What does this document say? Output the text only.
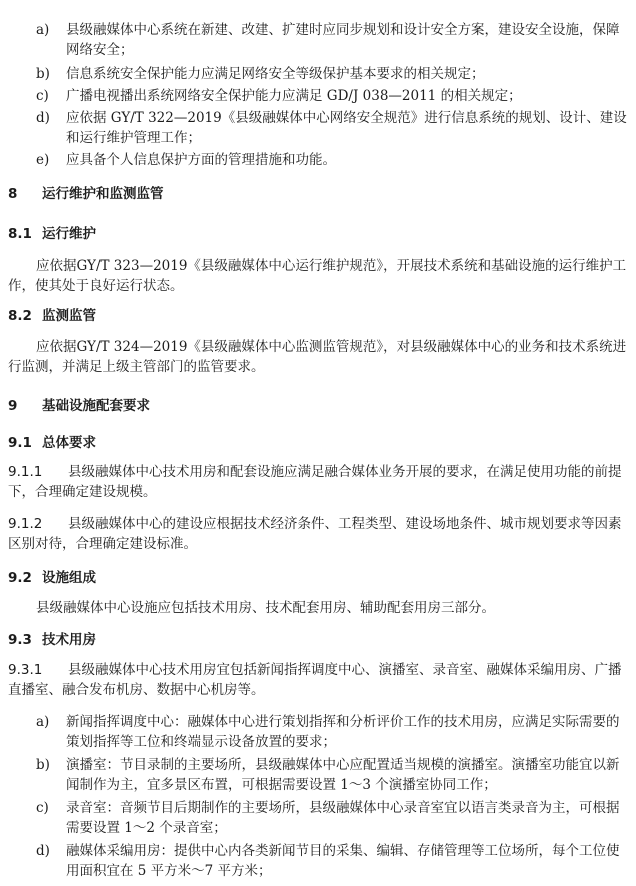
a)	县级融媒体中心系统在新建、改建、扩建时应同步规划和设计安全方案，建设安全设施，保障网络安全；
b)	信息系统安全保护能力应满足网络安全等级保护基本要求的相关规定；
c)	广播电视播出系统网络安全保护能力应满足 GD/J 038—2011 的相关规定；
d)	应依据 GY/T 322—2019《县级融媒体中心网络安全规范》进行信息系统的规划、设计、建设和运行维护管理工作；
e)	应具备个人信息保护方面的管理措施和功能。
8 运行维护和监测监管
8.1 运行维护
应依据GY/T 323—2019《县级融媒体中心运行维护规范》，开展技术系统和基础设施的运行维护工作，使其处于良好运行状态。
8.2 监测监管
应依据GY/T 324—2019《县级融媒体中心监测监管规范》，对县级融媒体中心的业务和技术系统进行监测，并满足上级主管部门的监管要求。
9 基础设施配套要求
9.1 总体要求
9.1.1 县级融媒体中心技术用房和配套设施应满足融合媒体业务开展的要求，在满足使用功能的前提下，合理确定建设规模。
9.1.2 县级融媒体中心的建设应根据技术经济条件、工程类型、建设场地条件、城市规划要求等因素区别对待，合理确定建设标准。
9.2 设施组成
县级融媒体中心设施应包括技术用房、技术配套用房、辅助配套用房三部分。
9.3 技术用房
9.3.1 县级融媒体中心技术用房宜包括新闻指挥调度中心、演播室、录音室、融媒体采编用房、广播直播室、融合发布机房、数据中心机房等。
a)	新闻指挥调度中心：融媒体中心进行策划指挥和分析评价工作的技术用房，应满足实际需要的策划指挥等工位和终端显示设备放置的要求；
b)	演播室：节目录制的主要场所，县级融媒体中心应配置适当规模的演播室。演播室功能宜以新闻制作为主，宜多景区布置，可根据需要设置 1～3 个演播室协同工作；
c)	录音室：音频节目后期制作的主要场所，县级融媒体中心录音室宜以语言类录音为主，可根据需要设置 1～2 个录音室；
d)	融媒体采编用房：提供中心内各类新闻节目的采集、编辑、存储管理等工位场所，每个工位使用面积宜在 5 平方米～7 平方米；
